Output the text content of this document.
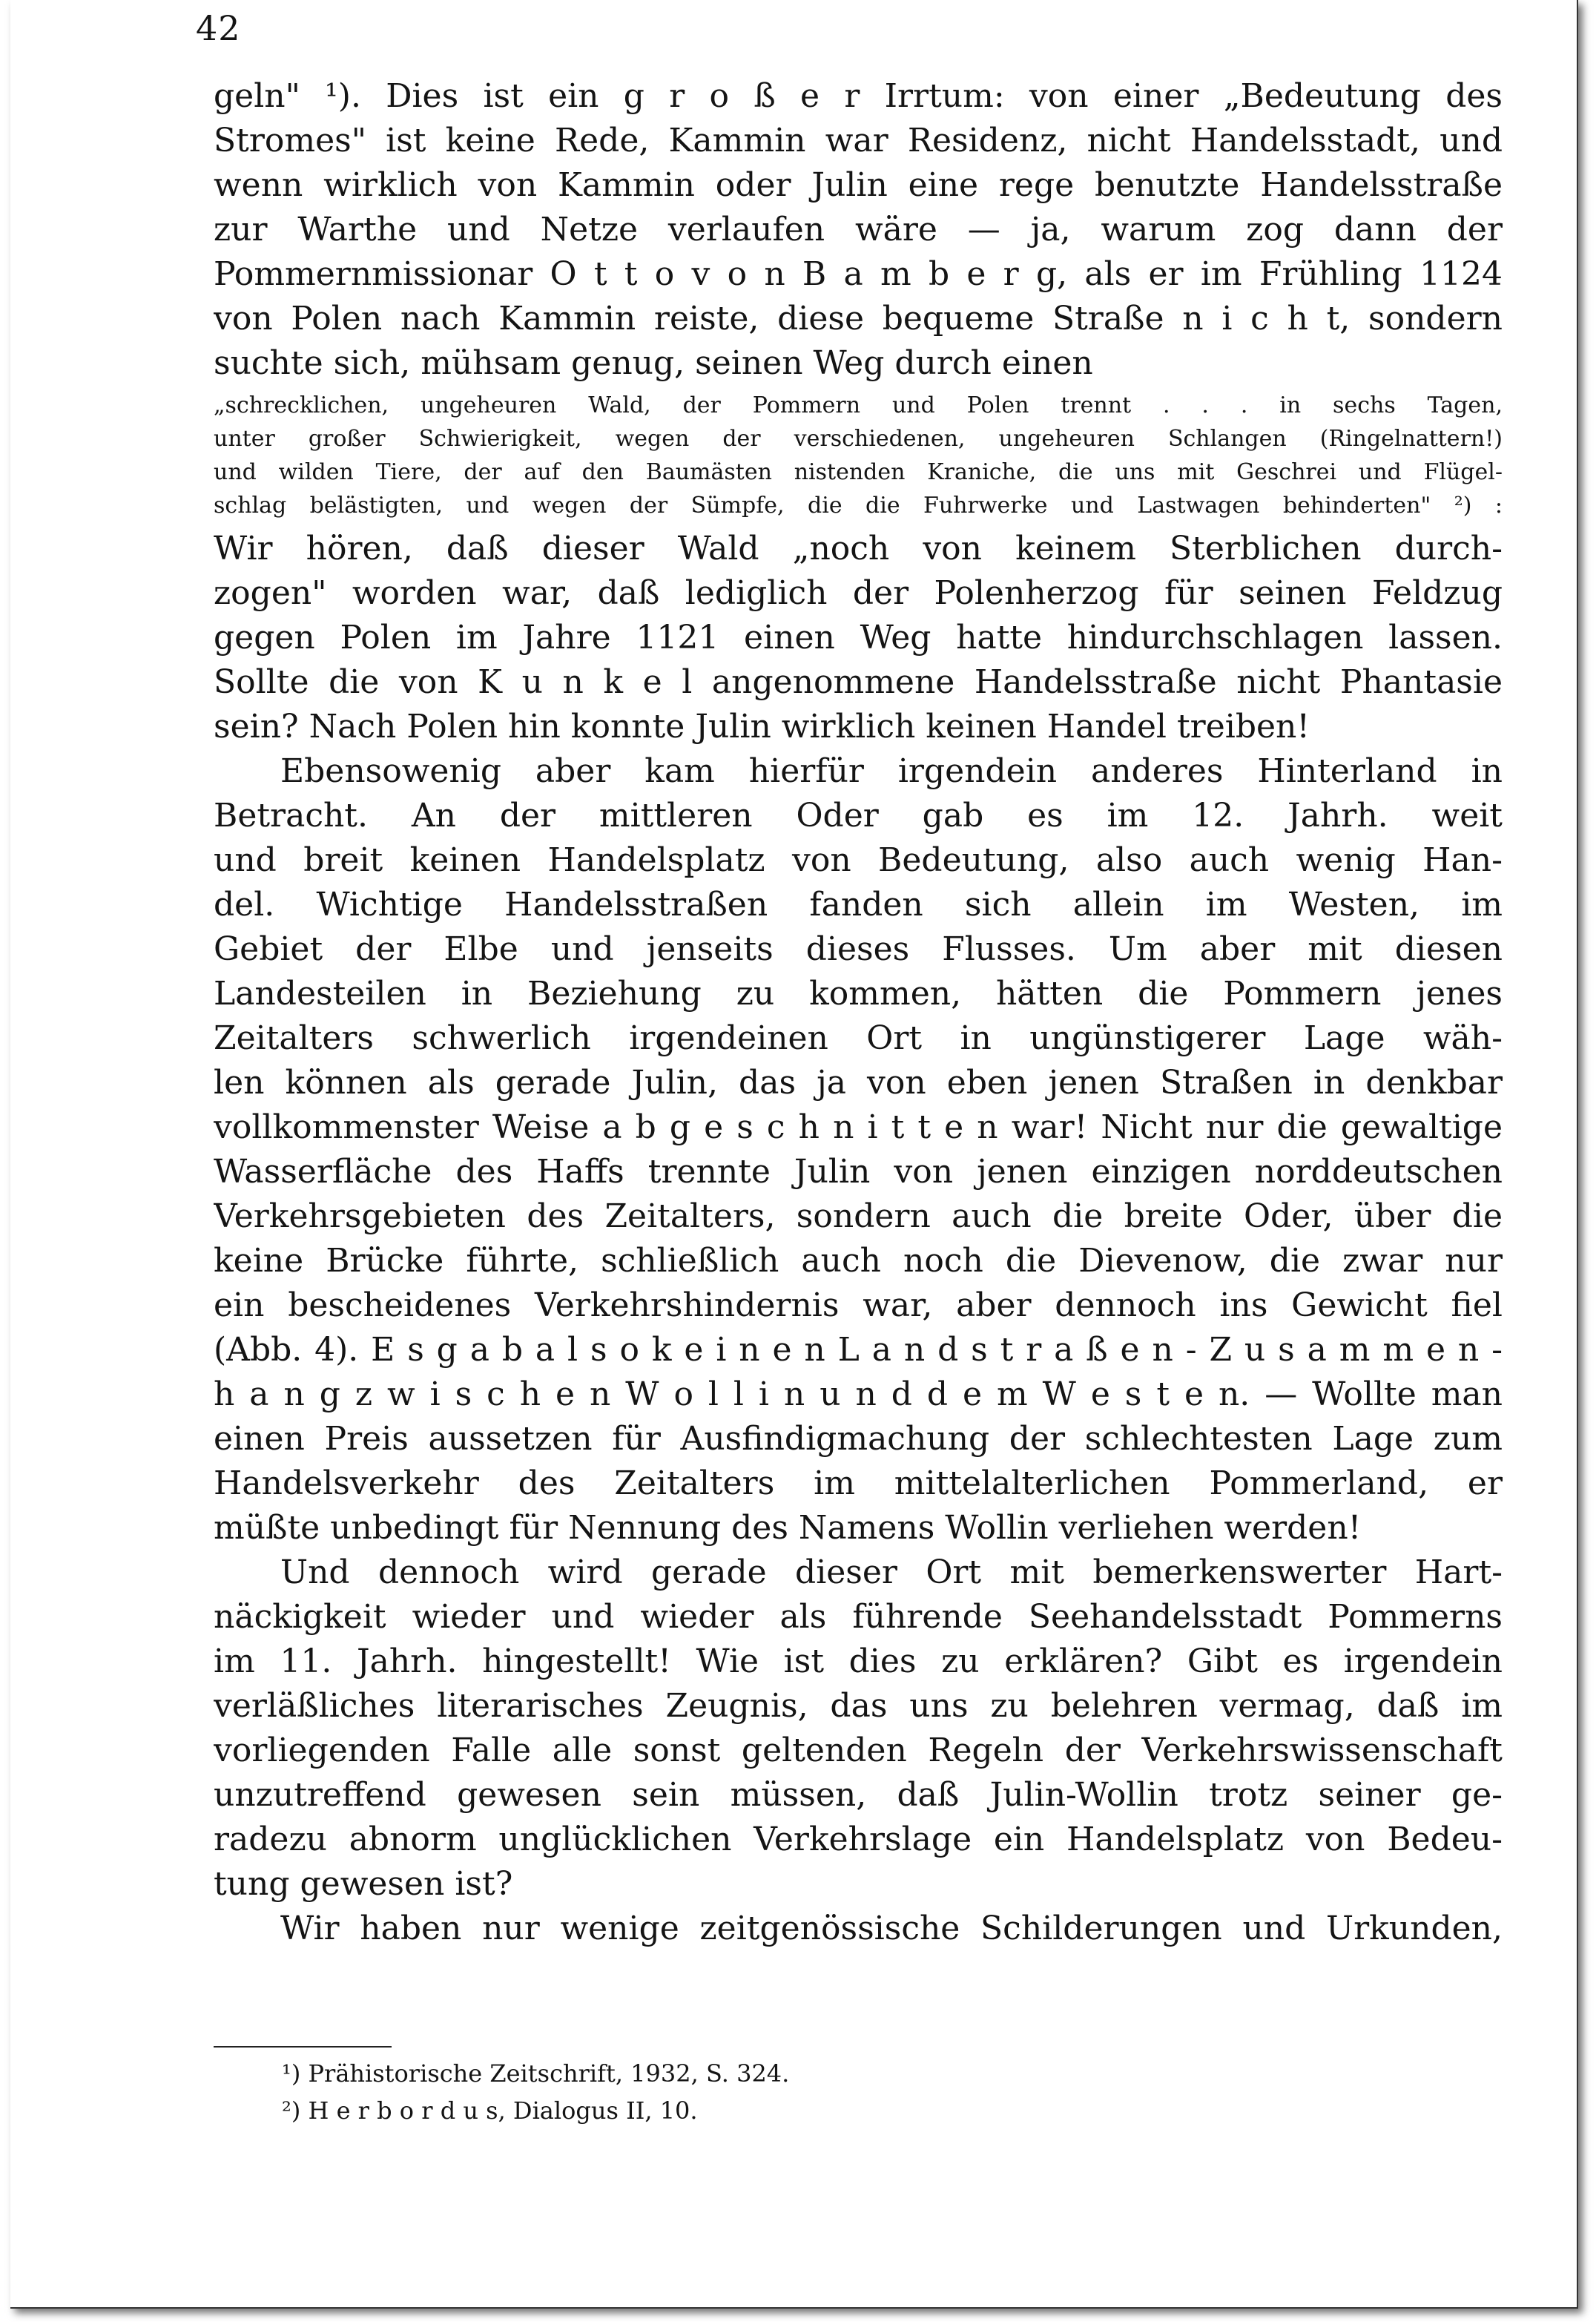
42
geln" ¹). Dies ist ein g r o ß e r Irrtum: von einer „Bedeutung des
Stromes" ist keine Rede, Kammin war Residenz, nicht Handelsstadt, und
wenn wirklich von Kammin oder Julin eine rege benutzte Handelsstraße
zur Warthe und Netze verlaufen wäre — ja, warum zog dann der
Pommernmissionar O t t o v o n B a m b e r g, als er im Frühling 1124
von Polen nach Kammin reiste, diese bequeme Straße n i c h t, sondern
suchte sich, mühsam genug, seinen Weg durch einen
„schrecklichen, ungeheuren Wald, der Pommern und Polen trennt . . . in sechs Tagen,
unter großer Schwierigkeit, wegen der verschiedenen, ungeheuren Schlangen (Ringelnattern!)
und wilden Tiere, der auf den Baumästen nistenden Kraniche, die uns mit Geschrei und Flügel-
schlag belästigten, und wegen der Sümpfe, die die Fuhrwerke und Lastwagen behinderten" ²) :
Wir hören, daß dieser Wald „noch von keinem Sterblichen durch-
zogen" worden war, daß lediglich der Polenherzog für seinen Feldzug
gegen Polen im Jahre 1121 einen Weg hatte hindurchschlagen lassen.
Sollte die von K u n k e l angenommene Handelsstraße nicht Phantasie
sein? Nach Polen hin konnte Julin wirklich keinen Handel treiben!
Ebensowenig aber kam hierfür irgendein anderes Hinterland in
Betracht. An der mittleren Oder gab es im 12. Jahrh. weit
und breit keinen Handelsplatz von Bedeutung, also auch wenig Han-
del. Wichtige Handelsstraßen fanden sich allein im Westen, im
Gebiet der Elbe und jenseits dieses Flusses. Um aber mit diesen
Landesteilen in Beziehung zu kommen, hätten die Pommern jenes
Zeitalters schwerlich irgendeinen Ort in ungünstigerer Lage wäh-
len können als gerade Julin, das ja von eben jenen Straßen in denkbar
vollkommenster Weise a b g e s c h n i t t e n war! Nicht nur die gewaltige
Wasserfläche des Haffs trennte Julin von jenen einzigen norddeutschen
Verkehrsgebieten des Zeitalters, sondern auch die breite Oder, über die
keine Brücke führte, schließlich auch noch die Dievenow, die zwar nur
ein bescheidenes Verkehrshindernis war, aber dennoch ins Gewicht fiel
(Abb. 4). E s g a b a l s o k e i n e n L a n d s t r a ß e n - Z u s a m m e n -
h a n g z w i s c h e n W o l l i n u n d d e m W e s t e n. — Wollte man
einen Preis aussetzen für Ausfindigmachung der schlechtesten Lage zum
Handelsverkehr des Zeitalters im mittelalterlichen Pommerland, er
müßte unbedingt für Nennung des Namens Wollin verliehen werden!
Und dennoch wird gerade dieser Ort mit bemerkenswerter Hart-
näckigkeit wieder und wieder als führende Seehandelsstadt Pommerns
im 11. Jahrh. hingestellt! Wie ist dies zu erklären? Gibt es irgendein
verläßliches literarisches Zeugnis, das uns zu belehren vermag, daß im
vorliegenden Falle alle sonst geltenden Regeln der Verkehrswissenschaft
unzutreffend gewesen sein müssen, daß Julin-Wollin trotz seiner ge-
radezu abnorm unglücklichen Verkehrslage ein Handelsplatz von Bedeu-
tung gewesen ist?
Wir haben nur wenige zeitgenössische Schilderungen und Urkunden,
¹) Prähistorische Zeitschrift, 1932, S. 324.
²) H e r b o r d u s, Dialogus II, 10.
